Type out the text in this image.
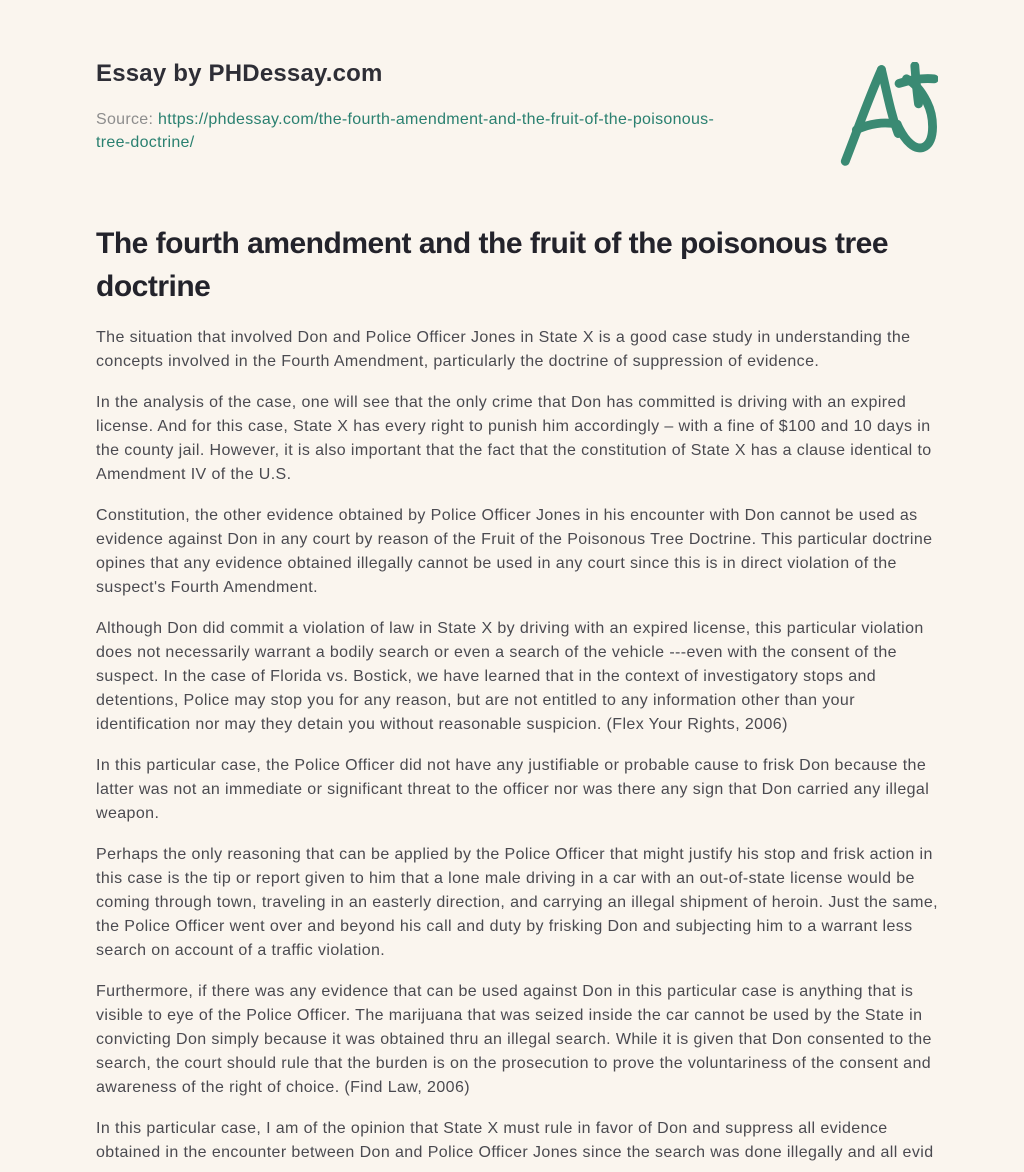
Essay by PHDessay.com
Source: https://phdessay.com/the-fourth-amendment-and-the-fruit-of-the-poisonous-tree-doctrine/
The fourth amendment and the fruit of the poisonous tree doctrine

The situation that involved Don and Police Officer Jones in State X is a good case study in understanding the concepts involved in the Fourth Amendment, particularly the doctrine of suppression of evidence.

In the analysis of the case, one will see that the only crime that Don has committed is driving with an expired license. And for this case, State X has every right to punish him accordingly – with a fine of $100 and 10 days in the county jail. However, it is also important that the fact that the constitution of State X has a clause identical to Amendment IV of the U.S.

Constitution, the other evidence obtained by Police Officer Jones in his encounter with Don cannot be used as evidence against Don in any court by reason of the Fruit of the Poisonous Tree Doctrine. This particular doctrine opines that any evidence obtained illegally cannot be used in any court since this is in direct violation of the suspect's Fourth Amendment.

Although Don did commit a violation of law in State X by driving with an expired license, this particular violation does not necessarily warrant a bodily search or even a search of the vehicle ---even with the consent of the suspect. In the case of Florida vs. Bostick, we have learned that in the context of investigatory stops and detentions, Police may stop you for any reason, but are not entitled to any information other than your identification nor may they detain you without reasonable suspicion. (Flex Your Rights, 2006)

In this particular case, the Police Officer did not have any justifiable or probable cause to frisk Don because the latter was not an immediate or significant threat to the officer nor was there any sign that Don carried any illegal weapon.

Perhaps the only reasoning that can be applied by the Police Officer that might justify his stop and frisk action in this case is the tip or report given to him that a lone male driving in a car with an out-of-state license would be coming through town, traveling in an easterly direction, and carrying an illegal shipment of heroin. Just the same, the Police Officer went over and beyond his call and duty by frisking Don and subjecting him to a warrant less search on account of a traffic violation.

Furthermore, if there was any evidence that can be used against Don in this particular case is anything that is visible to eye of the Police Officer. The marijuana that was seized inside the car cannot be used by the State in convicting Don simply because it was obtained thru an illegal search. While it is given that Don consented to the search, the court should rule that the burden is on the prosecution to prove the voluntariness of the consent and awareness of the right of choice. (Find Law, 2006)

In this particular case, I am of the opinion that State X must rule in favor of Don and suppress all evidence obtained in the encounter between Don and Police Officer Jones since the search was done illegally and all evid
